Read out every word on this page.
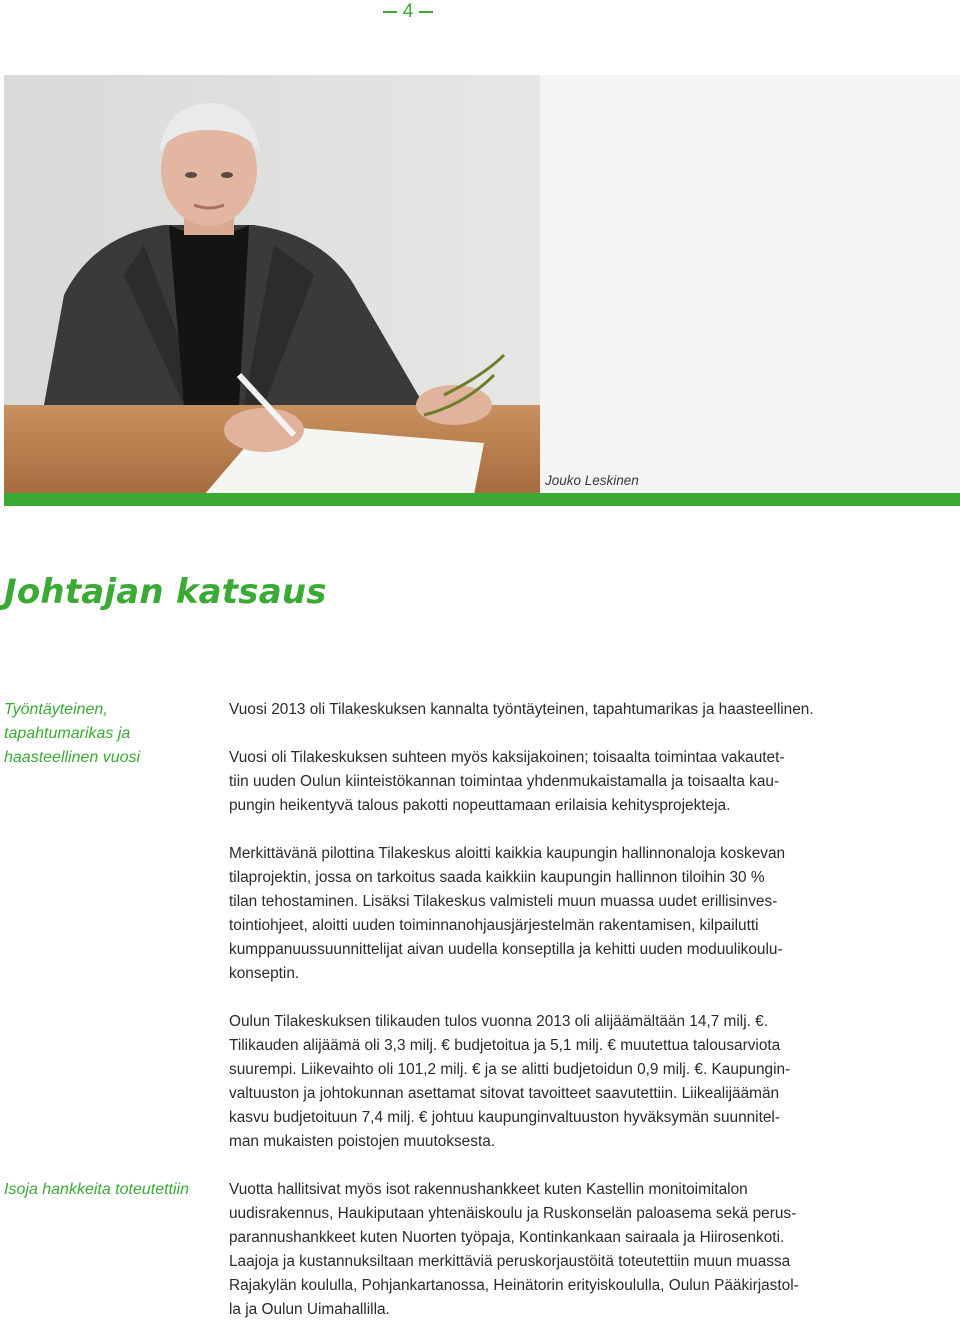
4
Jouko Leskinen
Johtajan katsaus
Työntäyteinen, tapahtumarikas ja haasteellinen vuosi

Vuosi 2013 oli Tilakeskuksen kannalta työntäyteinen, tapahtumarikas ja haasteellinen.

Vuosi oli Tilakeskuksen suhteen myös kaksijakoinen; toisaalta toimintaa vakautet-
tiin uuden Oulun kiinteistökannan toimintaa yhdenmukaistamalla ja toisaalta kau-
pungin heikentyvä talous pakotti nopeuttamaan erilaisia kehitysprojekteja.

Merkittävänä pilottina Tilakeskus aloitti kaikkia kaupungin hallinnonaloja koskevan
tilaprojektin, jossa on tarkoitus saada kaikkiin kaupungin hallinnon tiloihin 30 %
tilan tehostaminen. Lisäksi Tilakeskus valmisteli muun muassa uudet erillisinves-
tointiohjeet, aloitti uuden toiminnanohjausjärjestelmän rakentamisen, kilpailutti
kumppanuussuunnittelijat aivan uudella konseptilla ja kehitti uuden moduulikoulu-
konseptin.

Oulun Tilakeskuksen tilikauden tulos vuonna 2013 oli alijäämältään 14,7 milj. €.
Tilikauden alijäämä oli 3,3 milj. € budjetoitua ja 5,1 milj. € muutettua talousarviota
suurempi. Liikevaihto oli 101,2 milj. € ja se alitti budjetoidun 0,9 milj. €. Kaupungin-
valtuuston ja johtokunnan asettamat sitovat tavoitteet saavutettiin. Liikealijäämän
kasvu budjetoituun 7,4 milj. € johtuu kaupunginvaltuuston hyväksymän suunnitel-
man mukaisten poistojen muutoksesta.

Isoja hankkeita toteutettiin	Vuotta hallitsivat myös isot rakennushankkeet kuten Kastellin monitoimitalon
uudisrakennus, Haukiputaan yhtenäiskoulu ja Ruskonselän paloasema sekä perus-
parannushankkeet kuten Nuorten työpaja, Kontinkankaan sairaala ja Hiirosenkoti.
Laajoja ja kustannuksiltaan merkittäviä peruskorjaustöitä toteutettiin muun muassa
Rajakylän koululla, Pohjankartanossa, Heinätorin erityiskoululla, Oulun Pääkirjastol-
la ja Oulun Uimahallilla.
